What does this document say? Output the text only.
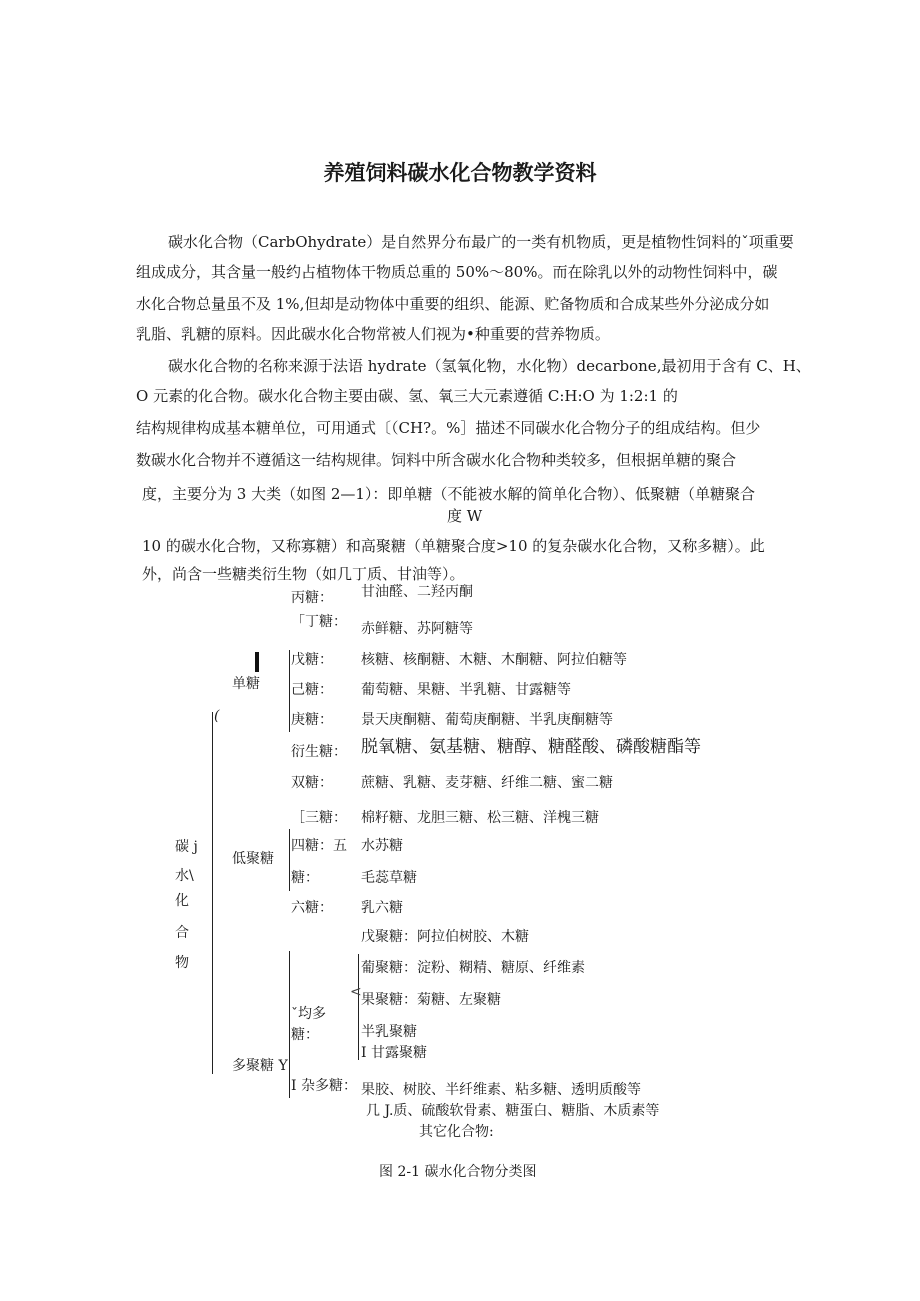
养殖饲料碳水化合物教学资料
碳水化合物（CarbOhydrate）是自然界分布最广的一类有机物质，更是植物性饲料的ˇ项重要
组成成分，其含量一般约占植物体干物质总重的 50%～80%。而在除乳以外的动物性饲料中，碳
水化合物总量虽不及 1%,但却是动物体中重要的组织、能源、贮备物质和合成某些外分泌成分如
乳脂、乳糖的原料。因此碳水化合物常被人们视为•种重要的营养物质。
碳水化合物的名称来源于法语 hydrate（氢氧化物，水化物）decarbone,最初用于含有 C、H、
O 元素的化合物。碳水化合物主要由碳、氢、氧三大元素遵循 C:H:O 为 1:2:1 的
结构规律构成基本糖单位，可用通式〔（CH?。%］描述不同碳水化合物分子的组成结构。但少
数碳水化合物并不遵循这一结构规律。饲料中所含碳水化合物种类较多，但根据单糖的聚合
度，主要分为 3 大类（如图 2—1）：即单糖（不能被水解的简单化合物）、低聚糖（单糖聚合
度 W
10 的碳水化合物，又称寡糖）和高聚糖（单糖聚合度>10 的复杂碳水化合物，又称多糖）。此
外，尚含一些糖类衍生物（如几丁质、甘油等）。
碳 j
水\
化
合
物
(
单糖
低聚糖
多聚糖 Y
<
丙糖： 甘油醛、二羟丙酮
「丁糖： 赤鲜糖、苏阿糖等
戊糖： 核糖、核酮糖、木糖、木酮糖、阿拉伯糖等
己糖： 葡萄糖、果糖、半乳糖、甘露糖等
庚糖： 景天庚酮糖、葡萄庚酮糖、半乳庚酮糖等
衍生糖： 脱氧糖、氨基糖、糖醇、糖醛酸、磷酸糖酯等
双糖： 蔗糖、乳糖、麦芽糖、纤维二糖、蜜二糖
［三糖： 棉籽糖、龙胆三糖、松三糖、洋槐三糖
四糖：五 水苏糖
糖：	毛蕊草糖
六糖： 乳六糖
ˇ均多
糖：
戊聚糖：阿拉伯树胶、木糖
葡聚糖：淀粉、糊精、糖原、纤维素
果聚糖：菊糖、左聚糖
半乳聚糖
I 甘露聚糖
I 杂多糖： 果胶、树胶、半纤维素、粘多糖、透明质酸等
几 J.质、硫酸软骨素、糖蛋白、糖脂、木质素等
其它化合物:
图 2-1 碳水化合物分类图
